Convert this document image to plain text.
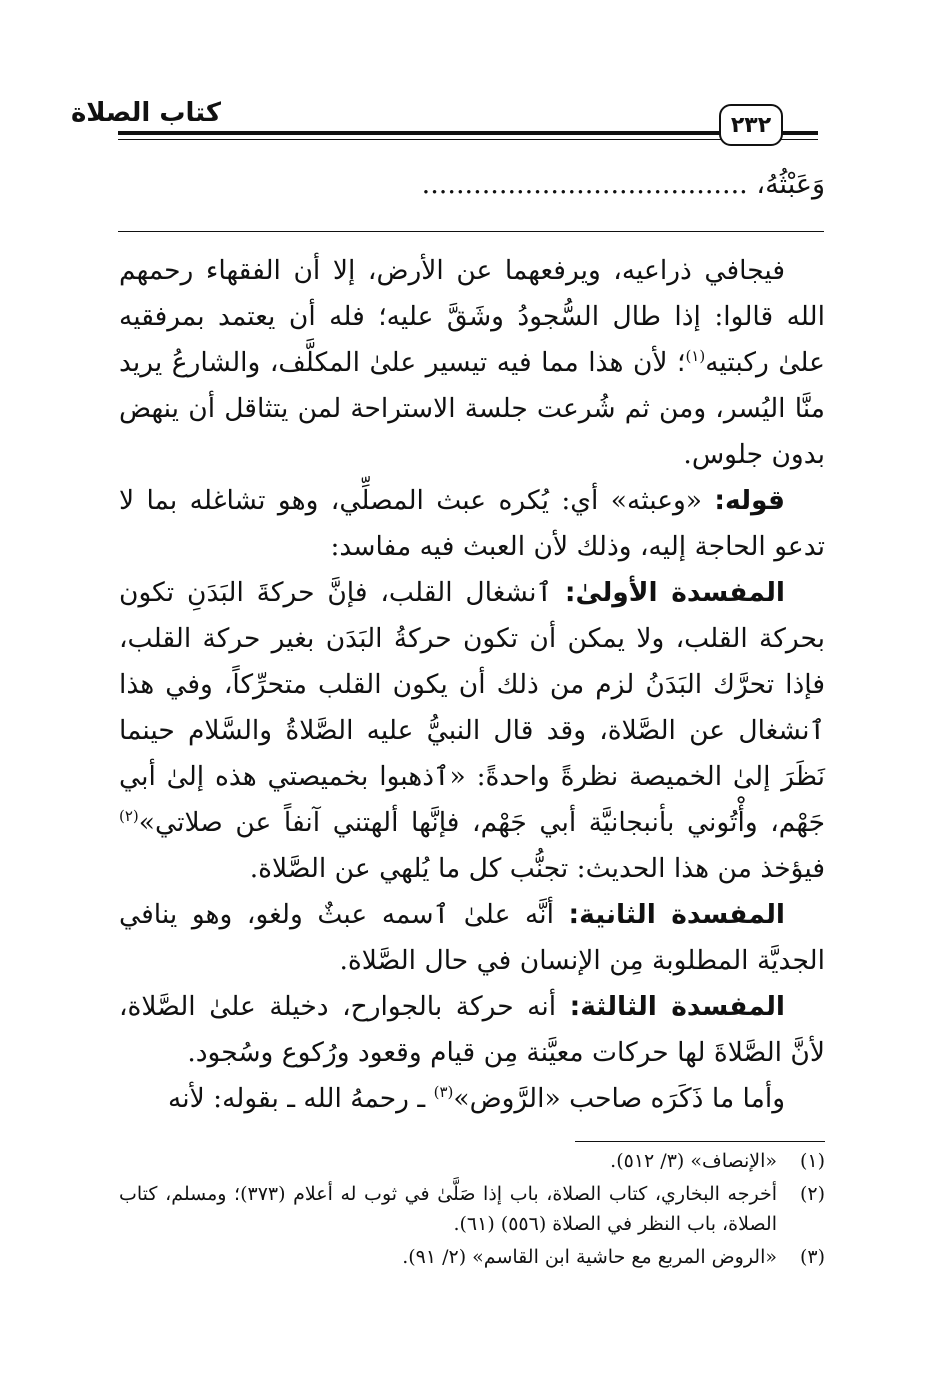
كتاب الصلاة	٢٣٢
وَعَبْثُهُ، ......................................

فيجافي ذراعيه، ويرفعهما عن الأرض، إلا أن الفقهاء رحمهم الله قالوا: إذا طال السُّجودُ وشَقَّ عليه؛ فله أن يعتمد بمرفقيه علىٰ ركبتيه$^{(١)}$؛ لأن هذا مما فيه تيسير علىٰ المكلَّف، والشارعُ يريد منَّا اليُسر، ومن ثم شُرعت جلسة الاستراحة لمن يتثاقل أن ينهض بدون جلوس.

قوله: «وعبثه» أي: يُكره عبث المصلِّي، وهو تشاغله بما لا تدعو الحاجة إليه، وذلك لأن العبث فيه مفاسد:

المفسدة الأولىٰ: ٱنشغال القلب، فإنَّ حركةَ البَدَنِ تكون بحركة القلب، ولا يمكن أن تكون حركةُ البَدَن بغير حركة القلب، فإذا تحرَّك البَدَنُ لزم من ذلك أن يكون القلب متحرِّكاً، وفي هذا ٱنشغال عن الصَّلاة، وقد قال النبيُّ عليه الصَّلاةُ والسَّلام حينما نَظَرَ إلىٰ الخميصة نظرةً واحدةً: «ٱذهبوا بخميصتي هذه إلىٰ أبي جَهْم، وأْتُوني بأنبجانيَّة أبي جَهْم، فإنَّها ألهتني آنفاً عن صلاتي»$^{(٢)}$ فيؤخذ من هذا الحديث: تجنُّب كل ما يُلهي عن الصَّلاة.

المفسدة الثانية: أنَّه علىٰ ٱسمه عبثٌ ولغو، وهو ينافي الجديَّة المطلوبة مِن الإنسان في حال الصَّلاة.

المفسدة الثالثة: أنه حركة بالجوارح، دخيلة علىٰ الصَّلاة، لأنَّ الصَّلاةَ لها حركات معيَّنة مِن قيام وقعود ورُكوع وسُجود.

وأما ما ذَكَرَه صاحب «الرَّوض»$^{(٣)}$ ـ رحمهُ الله ـ بقوله: لأنه

(١)
«الإنصاف» (٣/ ٥١٢).
(٢)
أخرجه البخاري، كتاب الصلاة، باب إذا صَلَّىٰ في ثوب له أعلام (٣٧٣)؛ ومسلم، كتاب الصلاة، باب النظر في الصلاة (٥٥٦) (٦١).
(٣)
«الروض المربع مع حاشية ابن القاسم» (٢/ ٩١).
